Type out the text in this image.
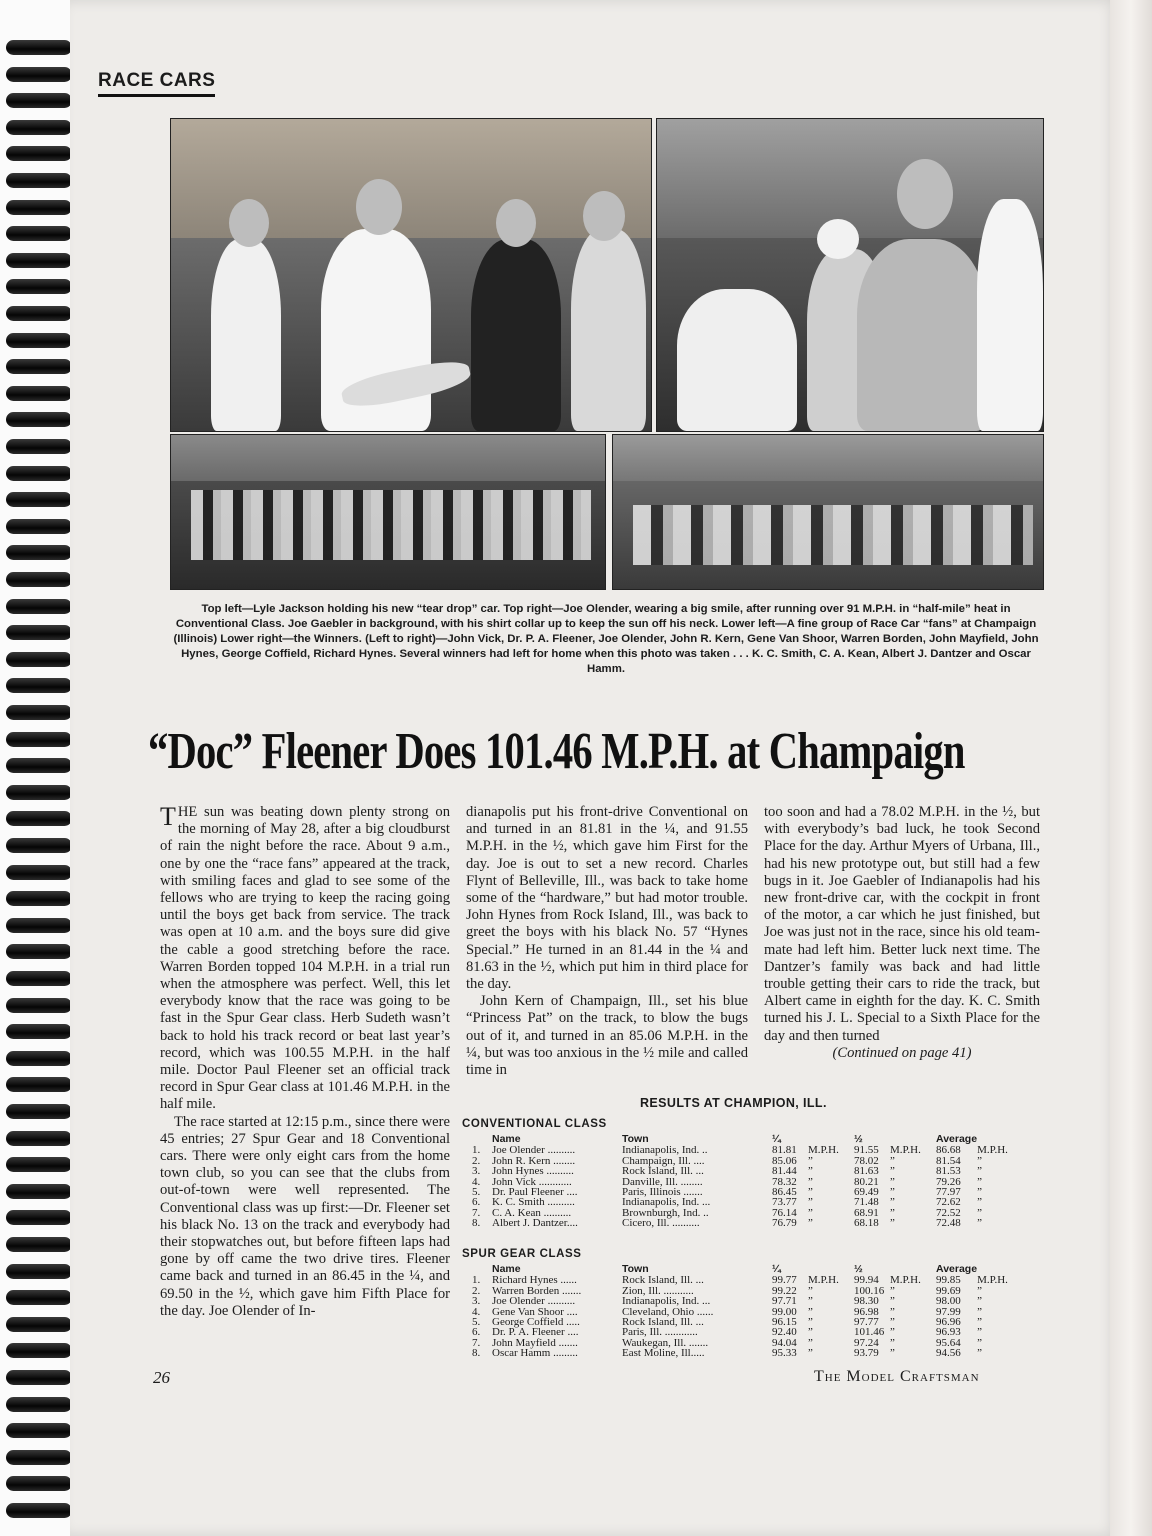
RACE CARS
Top left—Lyle Jackson holding his new “tear drop” car. Top right—Joe Olender, wearing a big smile, after running over 91 M.P.H. in “half-mile” heat in Conventional Class. Joe Gaebler in background, with his shirt collar up to keep the sun off his neck. Lower left—A fine group of Race Car “fans” at Champaign (Illinois) Lower right—the Winners. (Left to right)—John Vick, Dr. P. A. Fleener, Joe Olender, John R. Kern, Gene Van Shoor, Warren Borden, John Mayfield, John Hynes, George Coffield, Richard Hynes. Several winners had left for home when this photo was taken . . . K. C. Smith, C. A. Kean, Albert J. Dantzer and Oscar Hamm.
“Doc” Fleener Does 101.46 M.P.H. at Champaign

THE sun was beating down plenty strong on the morning of May 28, after a big cloudburst of rain the night before the race. About 9 a.m., one by one the “race fans” appeared at the track, with smiling faces and glad to see some of the fellows who are trying to keep the racing going until the boys get back from service. The track was open at 10 a.m. and the boys sure did give the cable a good stretching before the race. Warren Borden topped 104 M.P.H. in a trial run when the atmosphere was perfect. Well, this let everybody know that the race was going to be fast in the Spur Gear class. Herb Sudeth wasn’t back to hold his track record or beat last year’s record, which was 100.55 M.P.H. in the half mile. Doctor Paul Fleener set an official track record in Spur Gear class at 101.46 M.P.H. in the half mile.

The race started at 12:15 p.m., since there were 45 entries; 27 Spur Gear and 18 Conventional cars. There were only eight cars from the home town club, so you can see that the clubs from out-of-town were well represented. The Conventional class was up first:—Dr. Fleener set his black No. 13 on the track and everybody had their stopwatches out, but before fifteen laps had gone by off came the two drive tires. Fleener came back and turned in an 86.45 in the ¼, and 69.50 in the ½, which gave him Fifth Place for the day. Joe Olender of In-

dianapolis put his front-drive Conventional on and turned in an 81.81 in the ¼, and 91.55 M.P.H. in the ½, which gave him First for the day. Joe is out to set a new record. Charles Flynt of Belleville, Ill., was back to take home some of the “hardware,” but had motor trouble. John Hynes from Rock Island, Ill., was back to greet the boys with his black No. 57 “Hynes Special.” He turned in an 81.44 in the ¼ and 81.63 in the ½, which put him in third place for the day.

John Kern of Champaign, Ill., set his blue “Princess Pat” on the track, to blow the bugs out of it, and turned in an 85.06 M.P.H. in the ¼, but was too anxious in the ½ mile and called time in

too soon and had a 78.02 M.P.H. in the ½, but with everybody’s bad luck, he took Second Place for the day. Arthur Myers of Urbana, Ill., had his new prototype out, but still had a few bugs in it. Joe Gaebler of Indianapolis had his new front-drive car, with the cockpit in front of the motor, a car which he just finished, but Joe was just not in the race, since his old team-mate had left him. Better luck next time. The Dantzer’s family was back and had little trouble getting their cars to ride the track, but Albert came in eighth for the day. K. C. Smith turned his J. L. Special to a Sixth Place for the day and then turned

(Continued on page 41)

RESULTS AT CHAMPION, ILL.
CONVENTIONAL CLASS
	Name	Town	¼		½		Average	
1.	Joe Olender ..........	Indianapolis, Ind. ..	81.81	M.P.H.	91.55	M.P.H.	86.68	M.P.H.
2.	John R. Kern ........	Champaign, Ill. ....	85.06	”	78.02	”	81.54	”
3.	John Hynes ..........	Rock Island, Ill. ...	81.44	”	81.63	”	81.53	”
4.	John Vick ............	Danville, Ill. ........	78.32	”	80.21	”	79.26	”
5.	Dr. Paul Fleener ....	Paris, Illinois .......	86.45	”	69.49	”	77.97	”
6.	K. C. Smith ..........	Indianapolis, Ind. ...	73.77	”	71.48	”	72.62	”
7.	C. A. Kean ..........	Brownburgh, Ind. ..	76.14	”	68.91	”	72.52	”
8.	Albert J. Dantzer....	Cicero, Ill. ..........	76.79	”	68.18	”	72.48	”
SPUR GEAR CLASS
	Name	Town	¼		½		Average	
1.	Richard Hynes ......	Rock Island, Ill. ...	99.77	M.P.H.	99.94	M.P.H.	99.85	M.P.H.
2.	Warren Borden .......	Zion, Ill. ...........	99.22	”	100.16	”	99.69	”
3.	Joe Olender ..........	Indianapolis, Ind. ...	97.71	”	98.30	”	98.00	”
4.	Gene Van Shoor ....	Cleveland, Ohio ......	99.00	”	96.98	”	97.99	”
5.	George Coffield .....	Rock Island, Ill. ...	96.15	”	97.77	”	96.96	”
6.	Dr. P. A. Fleener ....	Paris, Ill. ............	92.40	”	101.46	”	96.93	”
7.	John Mayfield .......	Waukegan, Ill. .......	94.04	”	97.24	”	95.64	”
8.	Oscar Hamm .........	East Moline, Ill.....	95.33	”	93.79	”	94.56	”
26	The Model Craftsman
